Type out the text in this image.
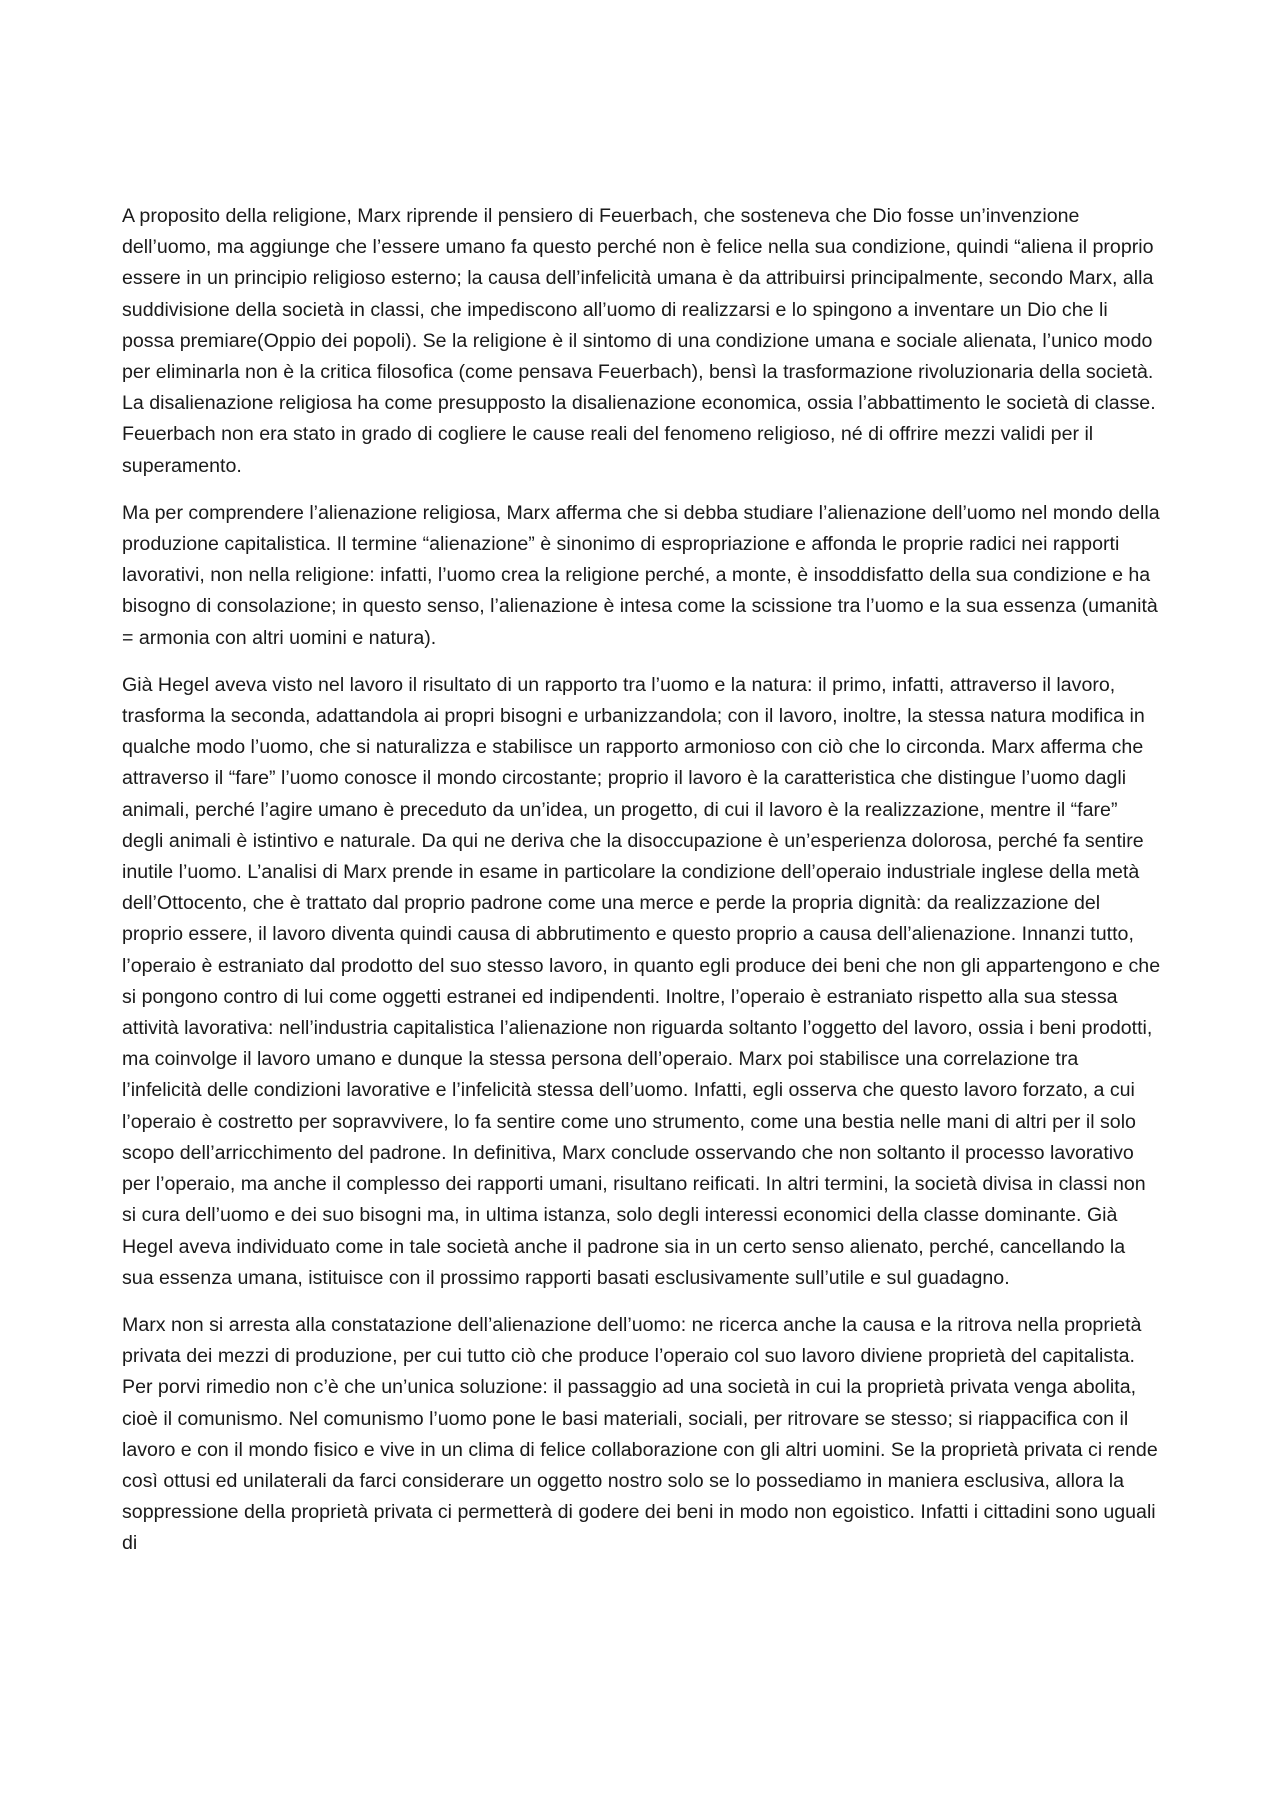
A proposito della religione, Marx riprende il pensiero di Feuerbach, che sosteneva che Dio fosse un’invenzione dell’uomo, ma aggiunge che l’essere umano fa questo perché non è felice nella sua condizione, quindi “aliena il proprio essere in un principio religioso esterno; la causa dell’infelicità umana è da attribuirsi principalmente, secondo Marx, alla suddivisione della società in classi, che impediscono all’uomo di realizzarsi e lo spingono a inventare un Dio che li possa premiare(Oppio dei popoli). Se la religione è il sintomo di una condizione umana e sociale alienata, l’unico modo per eliminarla non è la critica filosofica (come pensava Feuerbach), bensì la trasformazione rivoluzionaria della società. La disalienazione religiosa ha come presupposto la disalienazione economica, ossia l’abbattimento le società di classe. Feuerbach non era stato in grado di cogliere le cause reali del fenomeno religioso, né di offrire mezzi validi per il superamento.

Ma per comprendere l’alienazione religiosa, Marx afferma che si debba studiare l’alienazione dell’uomo nel mondo della produzione capitalistica. Il termine “alienazione” è sinonimo di espropriazione e affonda le proprie radici nei rapporti lavorativi, non nella religione: infatti, l’uomo crea la religione perché, a monte, è insoddisfatto della sua condizione e ha bisogno di consolazione; in questo senso, l’alienazione è intesa come la scissione tra l’uomo e la sua essenza (umanità = armonia con altri uomini e natura).

Già Hegel aveva visto nel lavoro il risultato di un rapporto tra l’uomo e la natura: il primo, infatti, attraverso il lavoro, trasforma la seconda, adattandola ai propri bisogni e urbanizzandola; con il lavoro, inoltre, la stessa natura modifica in qualche modo l’uomo, che si naturalizza e stabilisce un rapporto armonioso con ciò che lo circonda. Marx afferma che attraverso il “fare” l’uomo conosce il mondo circostante; proprio il lavoro è la caratteristica che distingue l’uomo dagli animali, perché l’agire umano è preceduto da un’idea, un progetto, di cui il lavoro è la realizzazione, mentre il “fare” degli animali è istintivo e naturale. Da qui ne deriva che la disoccupazione è un’esperienza dolorosa, perché fa sentire inutile l’uomo. L’analisi di Marx prende in esame in particolare la condizione dell’operaio industriale inglese della metà dell’Ottocento, che è trattato dal proprio padrone come una merce e perde la propria dignità: da realizzazione del proprio essere, il lavoro diventa quindi causa di abbrutimento e questo proprio a causa dell’alienazione. Innanzi tutto, l’operaio è estraniato dal prodotto del suo stesso lavoro, in quanto egli produce dei beni che non gli appartengono e che si pongono contro di lui come oggetti estranei ed indipendenti. Inoltre, l’operaio è estraniato rispetto alla sua stessa attività lavorativa: nell’industria capitalistica l’alienazione non riguarda soltanto l’oggetto del lavoro, ossia i beni prodotti, ma coinvolge il lavoro umano e dunque la stessa persona dell’operaio. Marx poi stabilisce una correlazione tra l’infelicità delle condizioni lavorative e l’infelicità stessa dell’uomo. Infatti, egli osserva che questo lavoro forzato, a cui l’operaio è costretto per sopravvivere, lo fa sentire come uno strumento, come una bestia nelle mani di altri per il solo scopo dell’arricchimento del padrone. In definitiva, Marx conclude osservando che non soltanto il processo lavorativo per l’operaio, ma anche il complesso dei rapporti umani, risultano reificati. In altri termini, la società divisa in classi non si cura dell’uomo e dei suo bisogni ma, in ultima istanza, solo degli interessi economici della classe dominante. Già Hegel aveva individuato come in tale società anche il padrone sia in un certo senso alienato, perché, cancellando la sua essenza umana, istituisce con il prossimo rapporti basati esclusivamente sull’utile e sul guadagno.

Marx non si arresta alla constatazione dell’alienazione dell’uomo: ne ricerca anche la causa e la ritrova nella proprietà privata dei mezzi di produzione, per cui tutto ciò che produce l’operaio col suo lavoro diviene proprietà del capitalista. Per porvi rimedio non c’è che un’unica soluzione: il passaggio ad una società in cui la proprietà privata venga abolita, cioè il comunismo. Nel comunismo l’uomo pone le basi materiali, sociali, per ritrovare se stesso; si riappacifica con il lavoro e con il mondo fisico e vive in un clima di felice collaborazione con gli altri uomini. Se la proprietà privata ci rende così ottusi ed unilaterali da farci considerare un oggetto nostro solo se lo possediamo in maniera esclusiva, allora la soppressione della proprietà privata ci permetterà di godere dei beni in modo non egoistico. Infatti i cittadini sono uguali di
